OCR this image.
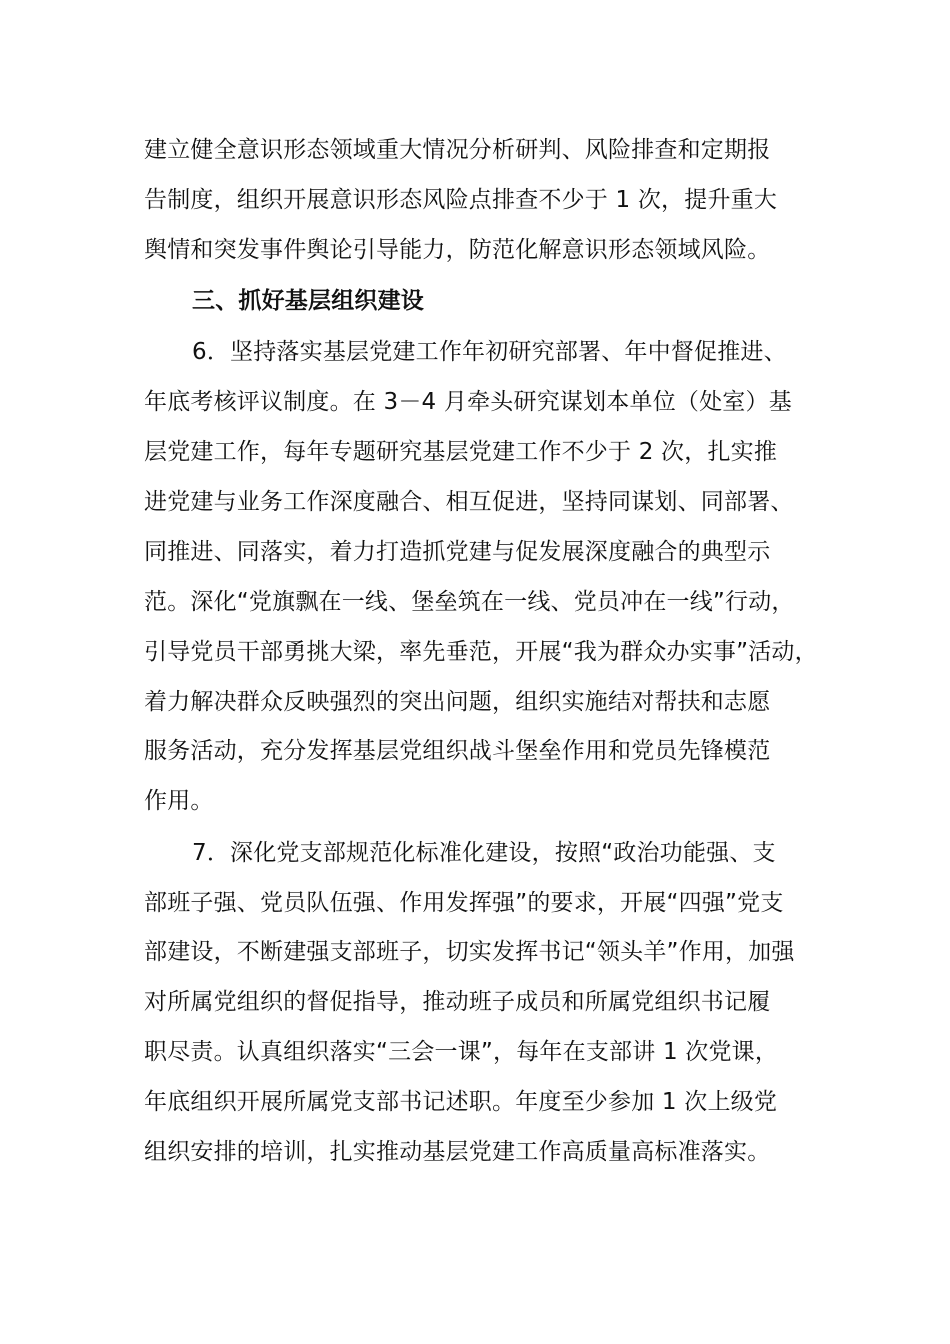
建立健全意识形态领域重大情况分析研判、风险排查和定期报
告制度，组织开展意识形态风险点排查不少于 1 次，提升重大
舆情和突发事件舆论引导能力，防范化解意识形态领域风险。
三、抓好基层组织建设
6．坚持落实基层党建工作年初研究部署、年中督促推进、
年底考核评议制度。在 3－4 月牵头研究谋划本单位（处室）基
层党建工作，每年专题研究基层党建工作不少于 2 次，扎实推
进党建与业务工作深度融合、相互促进，坚持同谋划、同部署、
同推进、同落实，着力打造抓党建与促发展深度融合的典型示
范。深化“党旗飘在一线、堡垒筑在一线、党员冲在一线”行动，
引导党员干部勇挑大梁，率先垂范，开展“我为群众办实事”活动，
着力解决群众反映强烈的突出问题，组织实施结对帮扶和志愿
服务活动，充分发挥基层党组织战斗堡垒作用和党员先锋模范
作用。
7．深化党支部规范化标准化建设，按照“政治功能强、支
部班子强、党员队伍强、作用发挥强”的要求，开展“四强”党支
部建设，不断建强支部班子，切实发挥书记“领头羊”作用，加强
对所属党组织的督促指导，推动班子成员和所属党组织书记履
职尽责。认真组织落实“三会一课”，每年在支部讲 1 次党课，
年底组织开展所属党支部书记述职。年度至少参加 1 次上级党
组织安排的培训，扎实推动基层党建工作高质量高标准落实。
